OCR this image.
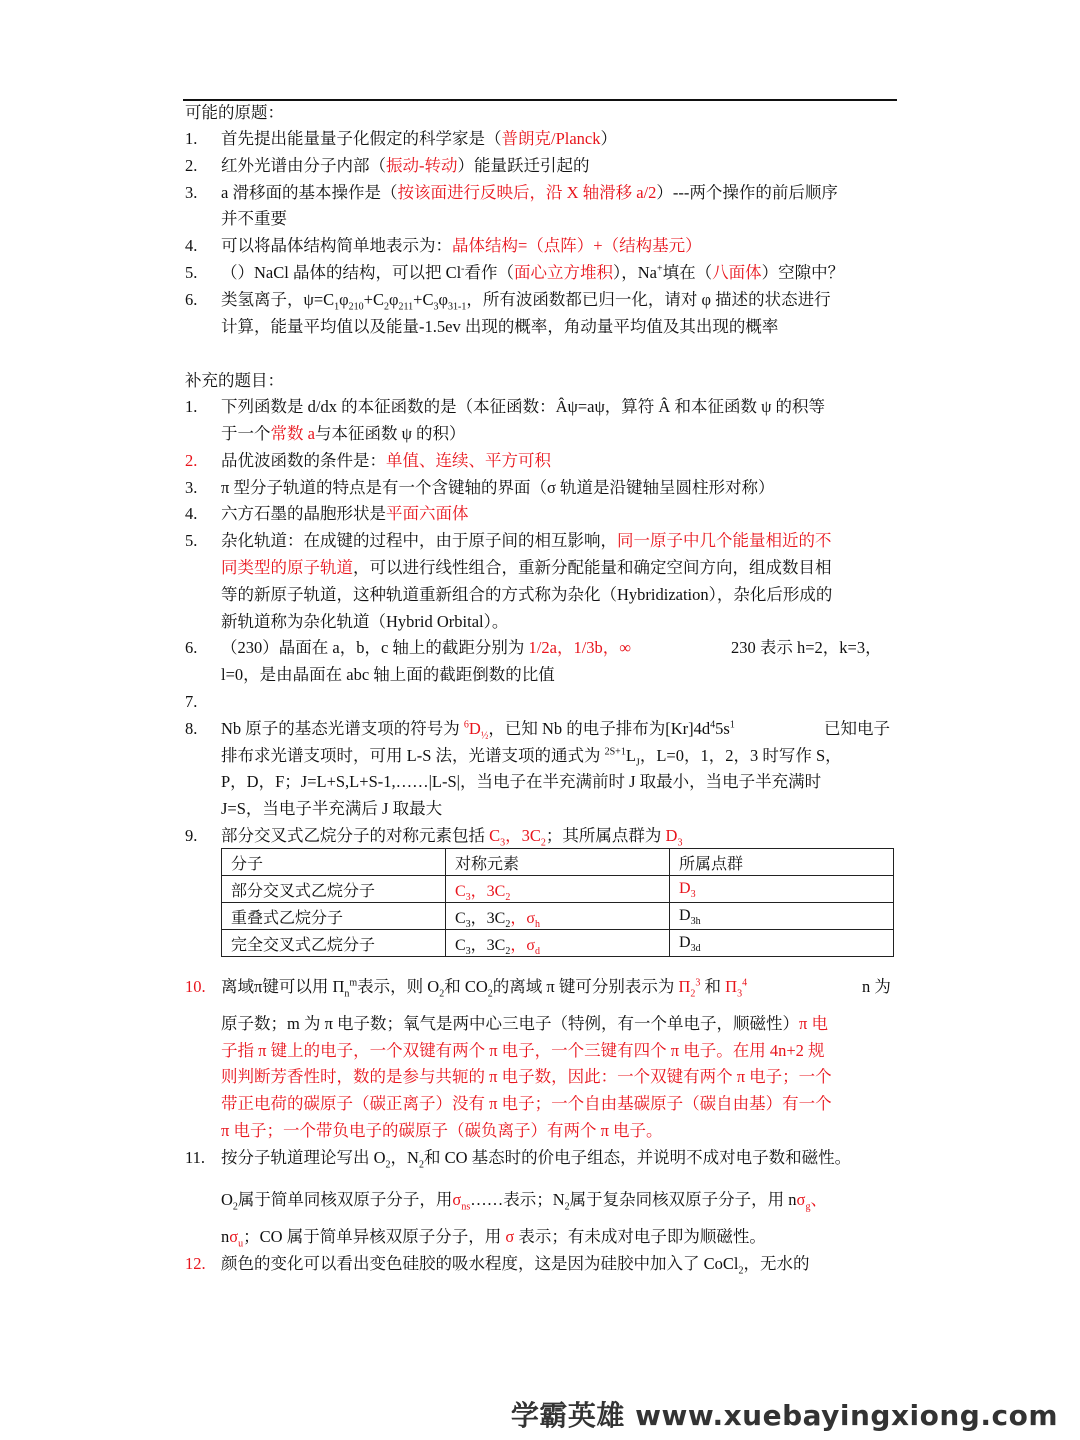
可能的原题：
1. 首先提出能量量子化假定的科学家是（普朗克/Planck）
2. 红外光谱由分子内部（振动-转动）能量跃迁引起的
3. a 滑移面的基本操作是（按该面进行反映后，沿 X 轴滑移 a/2）---两个操作的前后顺序
并不重要
4. 可以将晶体结构简单地表示为：晶体结构=（点阵）+（结构基元）
5. （）NaCl 晶体的结构，可以把 Cl-看作（面心立方堆积），Na+填在（八面体）空隙中？
6. 类氢离子，$\psi=C_1\varphi_{210}+C_2\varphi_{211}+C_3\varphi_{31-1}$，所有波函数都已归一化，请对 φ 描述的状态进行
计算，能量平均值以及能量-1.5ev 出现的概率，角动量平均值及其出现的概率
补充的题目：
1. 下列函数是 d/dx 的本征函数的是（本征函数：Âψ=aψ，算符 Â 和本征函数 ψ 的积等
于一个常数 a与本征函数 ψ 的积）
2. 品优波函数的条件是：单值、连续、平方可积
3. π 型分子轨道的特点是有一个含键轴的界面（σ 轨道是沿键轴呈圆柱形对称）
4. 六方石墨的晶胞形状是平面六面体
5. 杂化轨道：在成键的过程中，由于原子间的相互影响，同一原子中几个能量相近的不
同类型的原子轨道，可以进行线性组合，重新分配能量和确定空间方向，组成数目相
等的新原子轨道，这种轨道重新组合的方式称为杂化（Hybridization），杂化后形成的
新轨道称为杂化轨道（Hybrid Orbital）。
6. （230）晶面在 a，b，c 轴上的截距分别为 1/2a，1/3b，∞	230 表示 h=2，k=3，
l=0，是由晶面在 abc 轴上面的截距倒数的比值
7.
8. Nb 原子的基态光谱支项的符号为 $^6D_{\frac{1}{2}}$，已知 Nb 的电子排布为$[Kr]4d^45s^1$	已知电子
排布求光谱支项时，可用 L-S 法，光谱支项的通式为 $^{2S+1}L_J$，L=0，1，2，3 时写作 S，
P，D，F；J=L+S,L+S-1,……|L-S|，当电子在半充满前时 J 取最小，当电子半充满时
J=S，当电子半充满后 J 取最大
9. 部分交叉式乙烷分子的对称元素包括 $C_3$，$3C_2$；其所属点群为 $D_3$
分子	对称元素	所属点群
部分交叉式乙烷分子	$C_3$，$3C_2$	$D_3$
重叠式乙烷分子	$C_3$，$3C_2$，$\sigma_h$	$D_{3h}$
完全交叉式乙烷分子	$C_3$，$3C_2$，$\sigma_d$	$D_{3d}$
10. 离域π键可以用 $\Pi_n^m$表示，则 $O_2$和 $CO_2$的离域 π 键可分别表示为 $\Pi_2^3$ 和 $\Pi_3^4$	n 为
原子数；m 为 π 电子数；氧气是两中心三电子（特例，有一个单电子，顺磁性）π 电
子指 π 键上的电子，一个双键有两个 π 电子，一个三键有四个 π 电子。在用 4n+2 规
则判断芳香性时，数的是参与共轭的 π 电子数，因此：一个双键有两个 π 电子；一个
带正电荷的碳原子（碳正离子）没有 π 电子；一个自由基碳原子（碳自由基）有一个
π 电子；一个带负电子的碳原子（碳负离子）有两个 π 电子。
11. 按分子轨道理论写出 $O_2$，$N_2$和 CO 基态时的价电子组态，并说明不成对电子数和磁性。
$O_2$属于简单同核双原子分子，用$\sigma_{ns}\dots\dots$表示；$N_2$属于复杂同核双原子分子，用 $n\sigma_g$、
$n\sigma_u$；CO 属于简单异核双原子分子，用 σ 表示；有未成对电子即为顺磁性。
12. 颜色的变化可以看出变色硅胶的吸水程度，这是因为硅胶中加入了 CoCl$_2$，无水的
学霸英雄 www.xuebayingxiong.com
